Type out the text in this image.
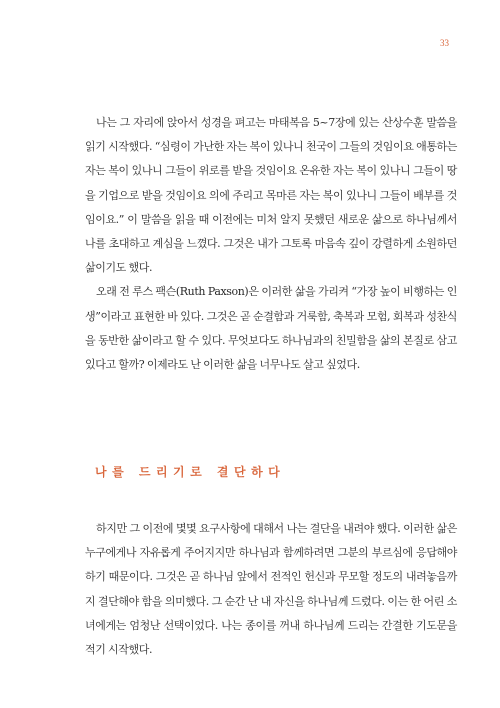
33

나는 그 자리에 앉아서 성경을 펴고는 마태복음 5~7장에 있는 산상수훈 말씀을 읽기 시작했다. “심령이 가난한 자는 복이 있나니 천국이 그들의 것임이요 애통하는 자는 복이 있나니 그들이 위로를 받을 것임이요 온유한 자는 복이 있나니 그들이 땅을 기업으로 받을 것임이요 의에 주리고 목마른 자는 복이 있나니 그들이 배부를 것임이요.” 이 말씀을 읽을 때 이전에는 미처 알지 못했던 새로운 삶으로 하나님께서 나를 초대하고 계심을 느꼈다. 그것은 내가 그토록 마음속 깊이 강렬하게 소원하던 삶이기도 했다.

오래 전 루스 팩슨(Ruth Paxson)은 이러한 삶을 가리켜 “가장 높이 비행하는 인생”이라고 표현한 바 있다. 그것은 곧 순결함과 거룩함, 축복과 모험, 회복과 성찬식을 동반한 삶이라고 할 수 있다. 무엇보다도 하나님과의 친밀함을 삶의 본질로 삼고 있다고 할까? 이제라도 난 이러한 삶을 너무나도 살고 싶었다.

나를 드리기로 결단하다

하지만 그 이전에 몇몇 요구사항에 대해서 나는 결단을 내려야 했다. 이러한 삶은 누구에게나 자유롭게 주어지지만 하나님과 함께하려면 그분의 부르심에 응답해야 하기 때문이다. 그것은 곧 하나님 앞에서 전적인 헌신과 무모할 정도의 내려놓음까지 결단해야 함을 의미했다. 그 순간 난 내 자신을 하나님께 드렸다. 이는 한 어린 소녀에게는 엄청난 선택이었다. 나는 종이를 꺼내 하나님께 드리는 간결한 기도문을 적기 시작했다.
